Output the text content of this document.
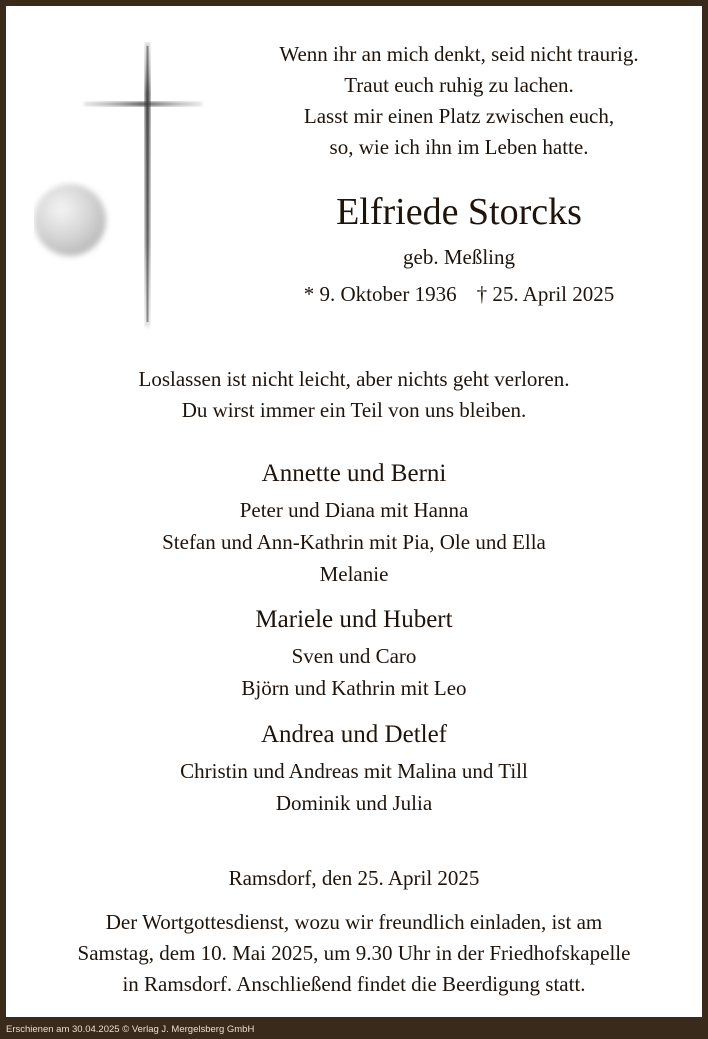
Wenn ihr an mich denkt, seid nicht traurig.
Traut euch ruhig zu lachen.
Lasst mir einen Platz zwischen euch,
so, wie ich ihn im Leben hatte.
Elfriede Storcks
geb. Meßling
* 9. Oktober 1936 † 25. April 2025
Loslassen ist nicht leicht, aber nichts geht verloren.
Du wirst immer ein Teil von uns bleiben.
Annette und Berni
Peter und Diana mit Hanna
Stefan und Ann-Kathrin mit Pia, Ole und Ella
Melanie
Mariele und Hubert
Sven und Caro
Björn und Kathrin mit Leo
Andrea und Detlef
Christin und Andreas mit Malina und Till
Dominik und Julia
Ramsdorf, den 25. April 2025
Der Wortgottesdienst, wozu wir freundlich einladen, ist am
Samstag, dem 10. Mai 2025, um 9.30 Uhr in der Friedhofskapelle
in Ramsdorf. Anschließend findet die Beerdigung statt.
Erschienen am 30.04.2025 © Verlag J. Mergelsberg GmbH
